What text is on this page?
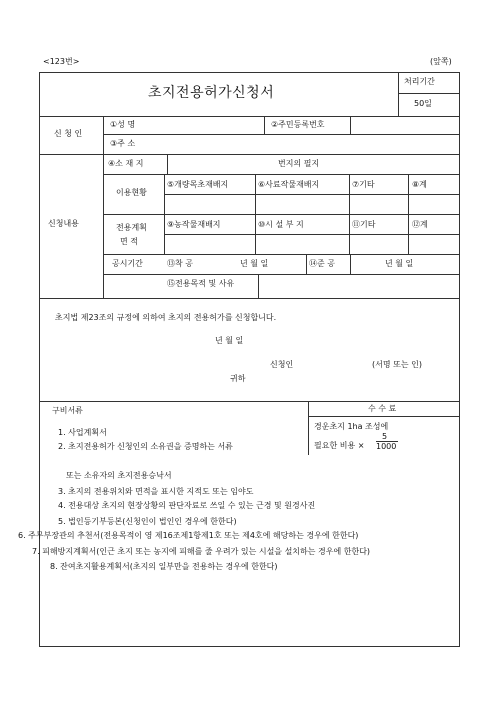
<123번>	(앞쪽)
초지전용허가신청서
처리기간
50일
신 청 인
①성 명	②주민등록번호
③주 소
신청내용
④소 재 지	번지의 필지
이용현황
⑤개량목초재배지	⑥사료작물재배지	⑦기타	⑧계
전용계획
면 적
⑨농작물재배지	⑩시 설 부 지	⑪기타	⑫계
공시기간	⑬착 공	년 월 일	⑭준 공	년 월 일
⑮전용목적 및 사유
초지법 제23조의 규정에 의하여 초지의 전용허가를 신청합니다.
년 월 일
신청인	(서명 또는 인)
귀하
구비서류	수 수 료
경운초지 1ha 조성에
필요한 비용 ×
5
1000
1. 사업계획서
2. 초지전용허가 신청인의 소유권을 증명하는 서류
또는 소유자의 초지전용승낙서
3. 초지의 전용위치와 면적을 표시한 지적도 또는 임야도
4. 전용대상 초지의 현장상황의 판단자료로 쓰일 수 있는 근경 및 원경사진
5. 법인등기부등본(신청인이 법인인 경우에 한한다)
6. 주무부장관의 추천서(전용목적이 영 제16조제1항제1호 또는 제4호에 해당하는 경우에 한한다)
7. 피해방지계획서(인근 초지 또는 농지에 피해를 줄 우려가 있는 시설을 설치하는 경우에 한한다)
8. 잔여초지활용계획서(초지의 일부만을 전용하는 경우에 한한다)
